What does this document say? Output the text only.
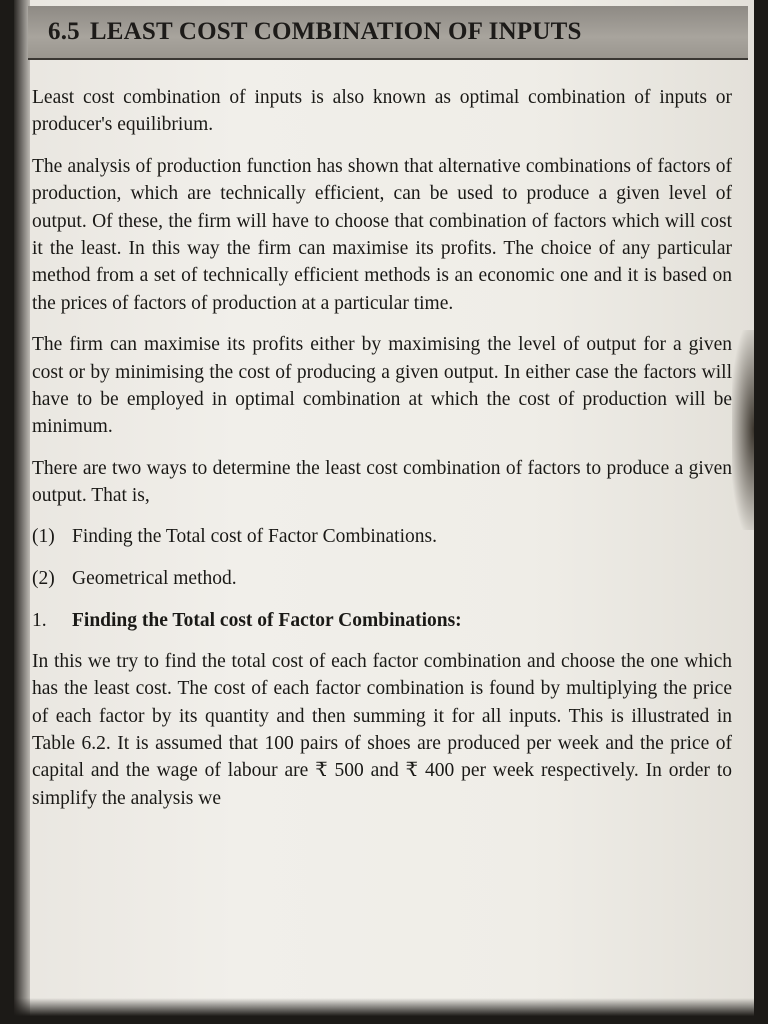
6.5 LEAST COST COMBINATION OF INPUTS

Least cost combination of inputs is also known as optimal combination of inputs or producer's equilibrium.

The analysis of production function has shown that alternative combinations of factors of production, which are technically efficient, can be used to produce a given level of output. Of these, the firm will have to choose that combination of factors which will cost it the least. In this way the firm can maximise its profits. The choice of any particular method from a set of technically efficient methods is an economic one and it is based on the prices of factors of production at a particular time.

The firm can maximise its profits either by maximising the level of output for a given cost or by minimising the cost of producing a given output. In either case the factors will have to be employed in optimal combination at which the cost of production will be minimum.

There are two ways to determine the least cost combination of factors to produce a given output. That is,

(1) Finding the Total cost of Factor Combinations.
(2) Geometrical method.
1. Finding the Total cost of Factor Combinations:

In this we try to find the total cost of each factor combination and choose the one which has the least cost. The cost of each factor combination is found by multiplying the price of each factor by its quantity and then summing it for all inputs. This is illustrated in Table 6.2. It is assumed that 100 pairs of shoes are produced per week and the price of capital and the wage of labour are ₹ 500 and ₹ 400 per week respectively. In order to simplify the analysis we
